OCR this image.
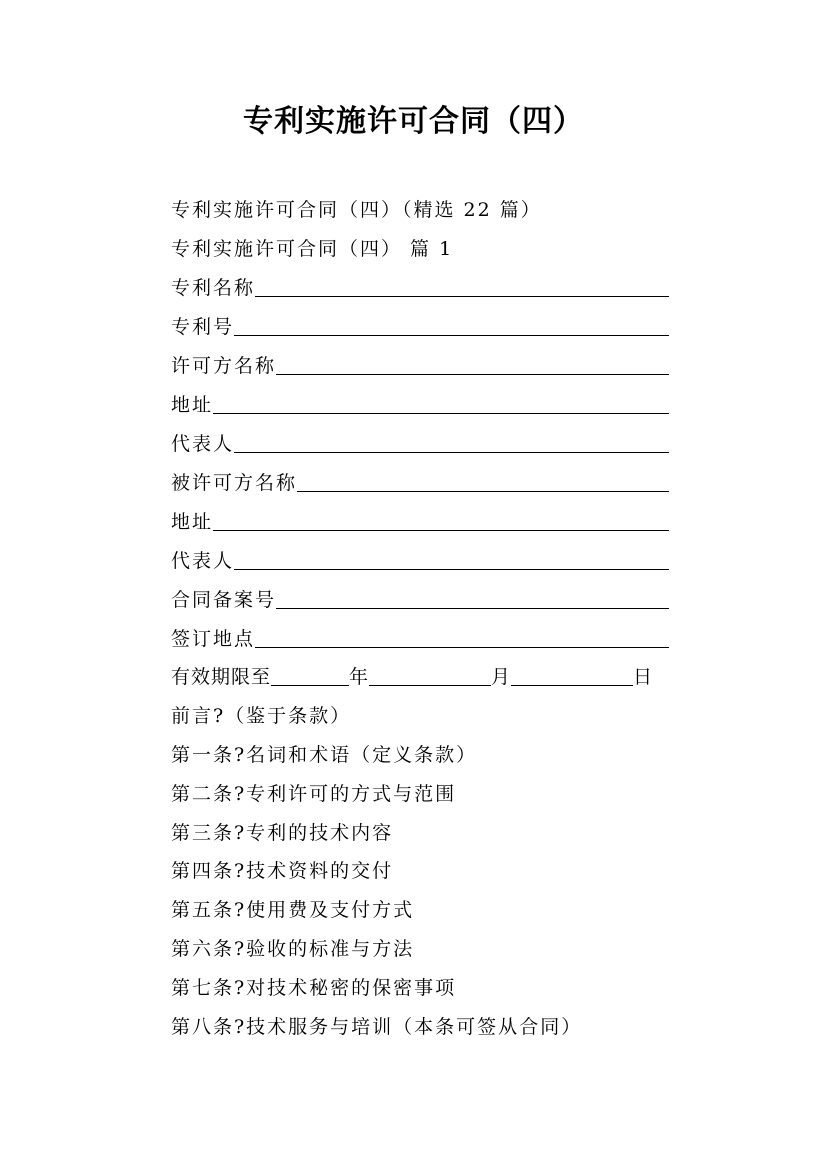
专利实施许可合同（四）
专利实施许可合同（四）（精选 22 篇）
专利实施许可合同（四） 篇 1
专利名称
专利号
许可方名称
地址
代表人
被许可方名称
地址
代表人
合同备案号
签订地点
有效期限至	年	月	日
前言?（鉴于条款）
第一条?名词和术语（定义条款）
第二条?专利许可的方式与范围
第三条?专利的技术内容
第四条?技术资料的交付
第五条?使用费及支付方式
第六条?验收的标准与方法
第七条?对技术秘密的保密事项
第八条?技术服务与培训（本条可签从合同）
